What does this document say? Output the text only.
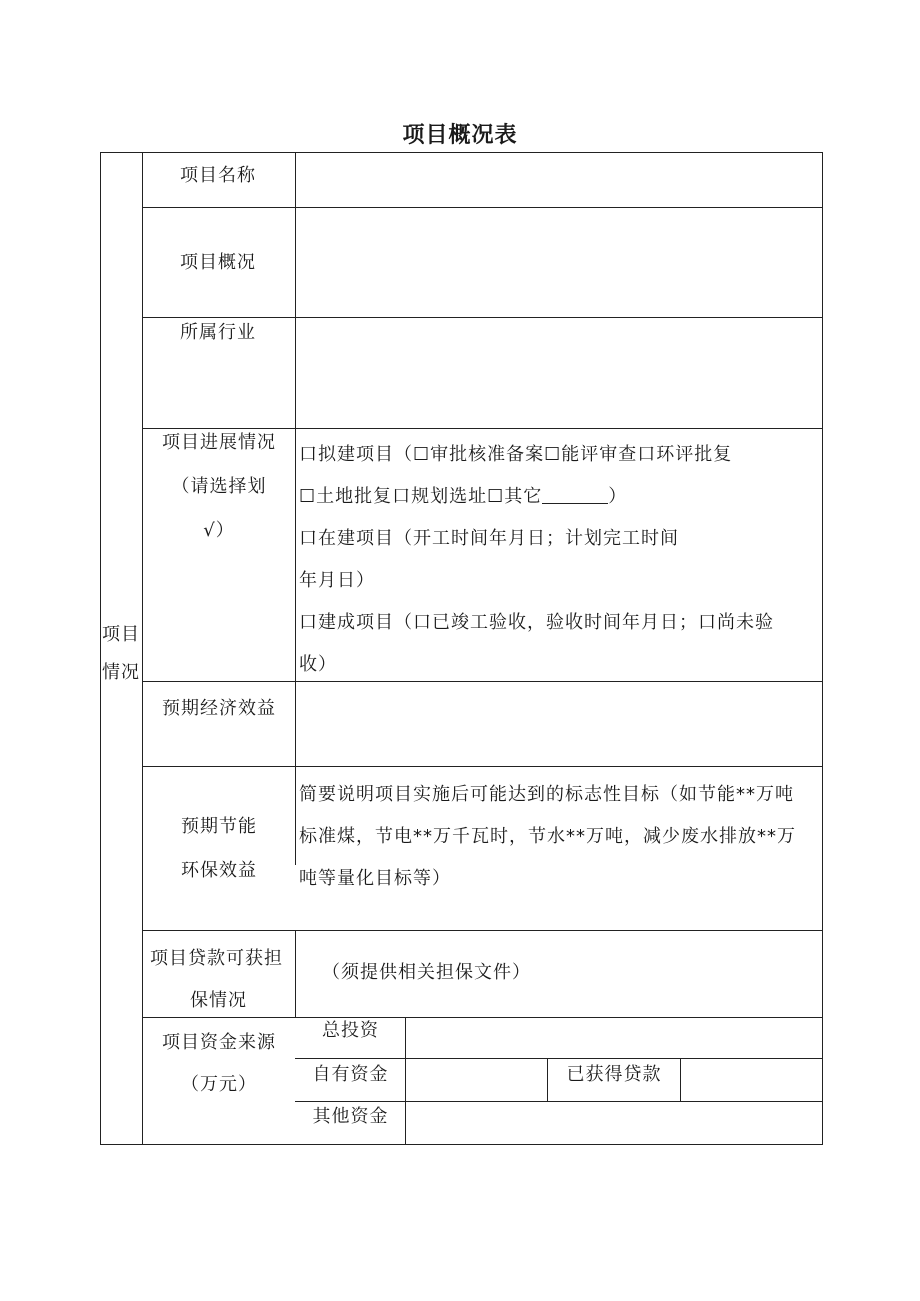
项目概况表
项目
情况
项目名称
项目概况
所属行业
项目进展情况
（请选择划
√）
口拟建项目（☐审批核准备案☐能评审查口环评批复
☐土地批复口规划选址☐其它	）
口在建项目（开工时间年月日；计划完工时间
年月日）
口建成项目（口已竣工验收，验收时间年月日；口尚未验
收）
预期经济效益
预期节能
环保效益
简要说明项目实施后可能达到的标志性目标（如节能**万吨
标准煤，节电**万千瓦时，节水**万吨，减少废水排放**万
吨等量化目标等）
项目贷款可获担
保情况
（须提供相关担保文件）
项目资金来源
（万元）
总投资
自有资金	已获得贷款
其他资金
